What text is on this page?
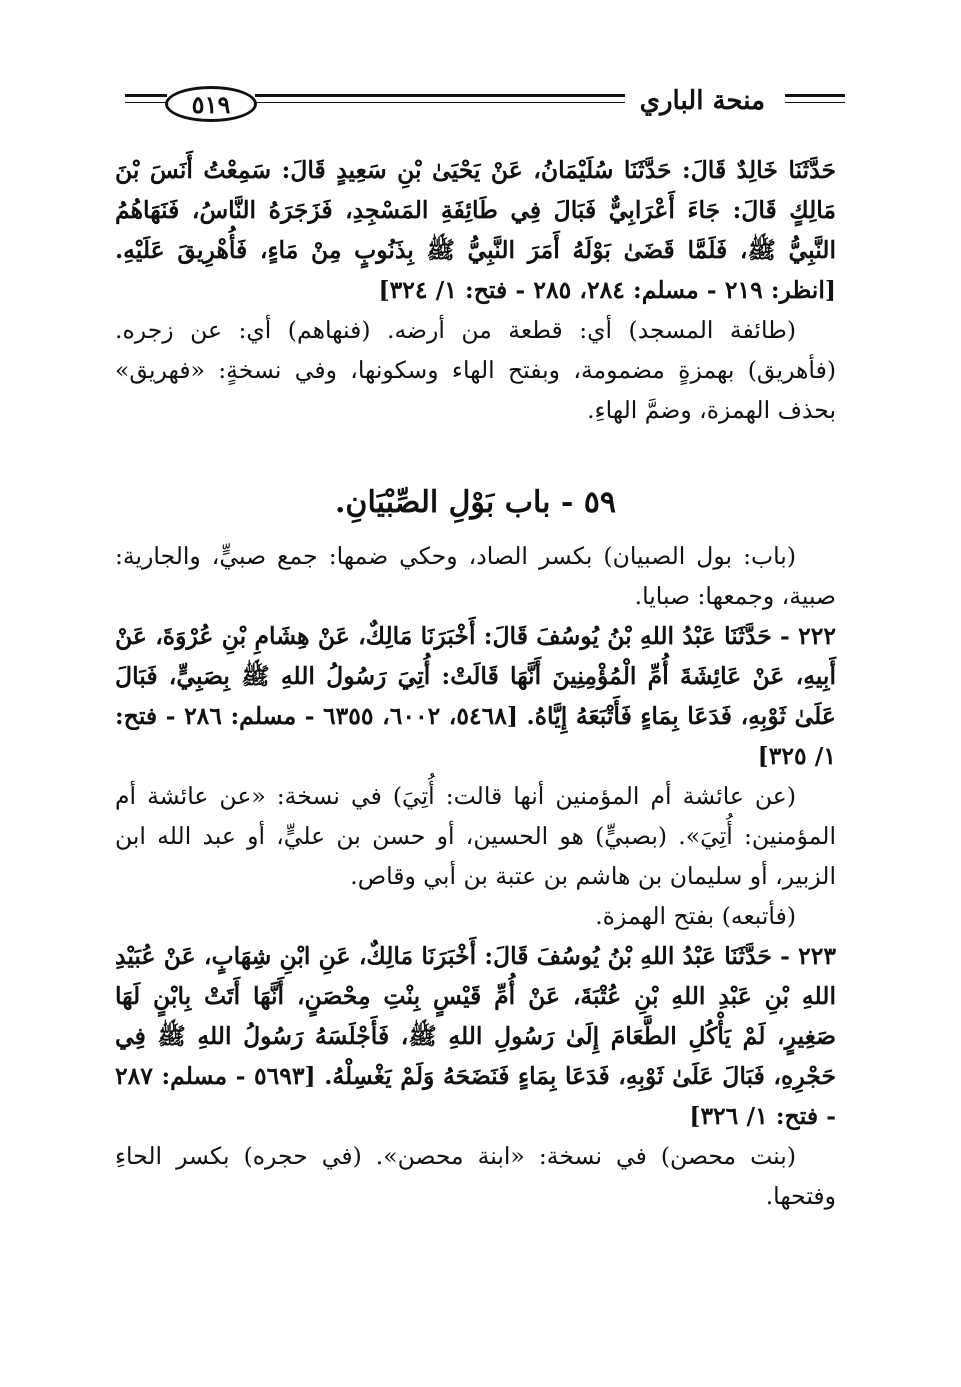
منحة الباري
٥١٩

حَدَّثَنَا خَالِدٌ قَالَ: حَدَّثَنَا سُلَيْمَانُ، عَنْ يَحْيَىٰ بْنِ سَعِيدٍ قَالَ: سَمِعْتُ أَنَسَ بْنَ مَالِكٍ قَالَ: جَاءَ أَعْرَابِيٌّ فَبَالَ فِي طَائِفَةِ المَسْجِدِ، فَزَجَرَهُ النَّاسُ، فَنَهَاهُمُ النَّبِيُّ ﷺ، فَلَمَّا قَضَىٰ بَوْلَهُ أَمَرَ النَّبِيُّ ﷺ بِذَنُوبٍ مِنْ مَاءٍ، فَأُهْرِيقَ عَلَيْهِ. [انظر: ٢١٩ - مسلم: ٢٨٤، ٢٨٥ - فتح: ١/ ٣٢٤]

(طائفة المسجد) أي: قطعة من أرضه. (فنهاهم) أي: عن زجره. (فأهريق) بهمزةٍ مضمومة، وبفتح الهاء وسكونها، وفي نسخةٍ: «فهريق» بحذف الهمزة، وضمَّ الهاءِ.

٥٩ - باب بَوْلِ الصِّبْيَانِ.

(باب: بول الصبيان) بكسر الصاد، وحكي ضمها: جمع صبيٍّ، والجارية: صبية، وجمعها: صبايا.

٢٢٢ - حَدَّثَنَا عَبْدُ اللهِ بْنُ يُوسُفَ قَالَ: أَخْبَرَنَا مَالِكٌ، عَنْ هِشَامِ بْنِ عُرْوَةَ، عَنْ أَبِيهِ، عَنْ عَائِشَةَ أُمِّ الْمُؤْمِنِينَ أَنَّهَا قَالَتْ: أُتِيَ رَسُولُ اللهِ ﷺ بِصَبِيٍّ، فَبَالَ عَلَىٰ ثَوْبِهِ، فَدَعَا بِمَاءٍ فَأَتْبَعَهُ إِيَّاهُ. [٥٤٦٨، ٦٠٠٢، ٦٣٥٥ - مسلم: ٢٨٦ - فتح: ١/ ٣٢٥]

(عن عائشة أم المؤمنين أنها قالت: أُتِيَ) في نسخة: «عن عائشة أم المؤمنين: أُتِيَ». (بصبيٍّ) هو الحسين، أو حسن بن عليٍّ، أو عبد الله ابن الزبير، أو سليمان بن هاشم بن عتبة بن أبي وقاص.

(فأتبعه) بفتح الهمزة.

٢٢٣ - حَدَّثَنَا عَبْدُ اللهِ بْنُ يُوسُفَ قَالَ: أَخْبَرَنَا مَالِكٌ، عَنِ ابْنِ شِهَابٍ، عَنْ عُبَيْدِ اللهِ بْنِ عَبْدِ اللهِ بْنِ عُتْبَةَ، عَنْ أُمِّ قَيْسٍ بِنْتِ مِحْصَنٍ، أَنَّهَا أَتَتْ بِابْنٍ لَهَا صَغِيرٍ، لَمْ يَأْكُلِ الطَّعَامَ إِلَىٰ رَسُولِ اللهِ ﷺ، فَأَجْلَسَهُ رَسُولُ اللهِ ﷺ فِي حَجْرِهِ، فَبَالَ عَلَىٰ ثَوْبِهِ، فَدَعَا بِمَاءٍ فَنَضَحَهُ وَلَمْ يَغْسِلْهُ. [٥٦٩٣ - مسلم: ٢٨٧ - فتح: ١/ ٣٢٦]

(بنت محصن) في نسخة: «ابنة محصن». (في حجره) بكسر الحاءِ وفتحها.
